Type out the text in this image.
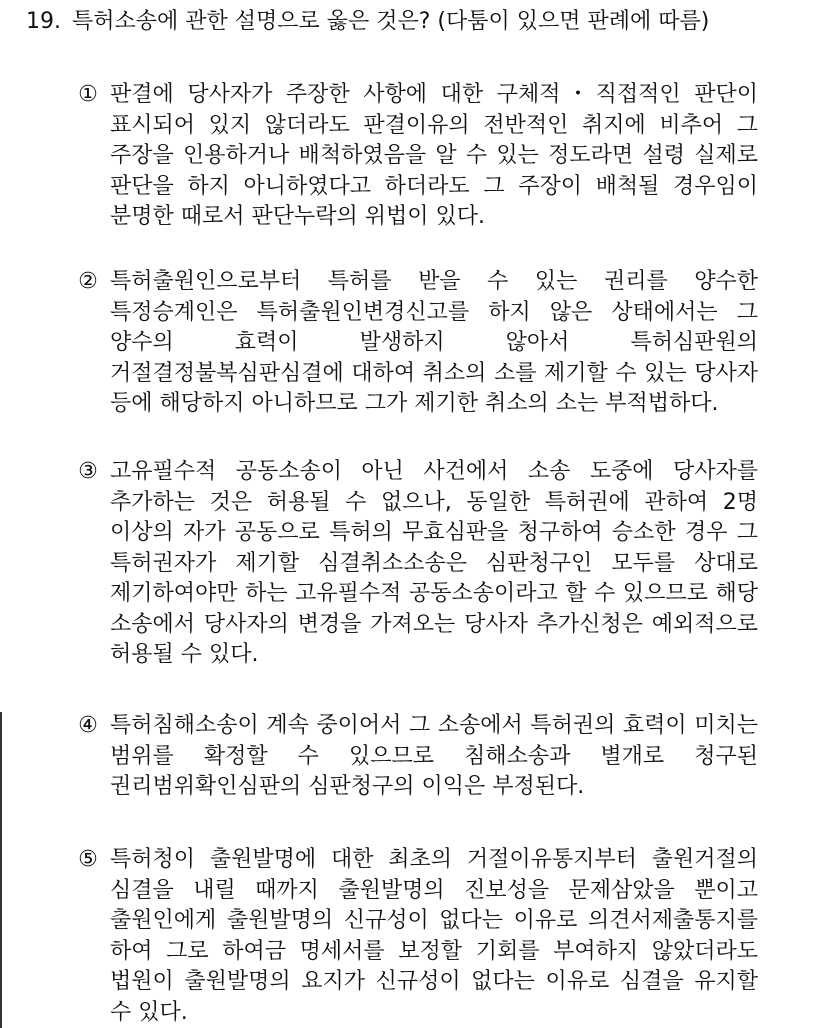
19. 특허소송에 관한 설명으로 옳은 것은? (다툼이 있으면 판례에 따름)
① 판결에 당사자가 주장한 사항에 대한 구체적・직접적인 판단이 표시되어 있지 않더라도 판결이유의 전반적인 취지에 비추어 그 주장을 인용하거나 배척하였음을 알 수 있는 정도라면 설령 실제로 판단을 하지 아니하였다고 하더라도 그 주장이 배척될 경우임이 분명한 때로서 판단누락의 위법이 있다.
② 특허출원인으로부터 특허를 받을 수 있는 권리를 양수한 특정승계인은 특허출원인변경신고를 하지 않은 상태에서는 그 양수의 효력이 발생하지 않아서 특허심판원의 거절결정불복심판심결에 대하여 취소의 소를 제기할 수 있는 당사자 등에 해당하지 아니하므로 그가 제기한 취소의 소는 부적법하다.
③ 고유필수적 공동소송이 아닌 사건에서 소송 도중에 당사자를 추가하는 것은 허용될 수 없으나, 동일한 특허권에 관하여 2명 이상의 자가 공동으로 특허의 무효심판을 청구하여 승소한 경우 그 특허권자가 제기할 심결취소소송은 심판청구인 모두를 상대로 제기하여야만 하는 고유필수적 공동소송이라고 할 수 있으므로 해당 소송에서 당사자의 변경을 가져오는 당사자 추가신청은 예외적으로 허용될 수 있다.
④ 특허침해소송이 계속 중이어서 그 소송에서 특허권의 효력이 미치는 범위를 확정할 수 있으므로 침해소송과 별개로 청구된 권리범위확인심판의 심판청구의 이익은 부정된다.
⑤ 특허청이 출원발명에 대한 최초의 거절이유통지부터 출원거절의 심결을 내릴 때까지 출원발명의 진보성을 문제삼았을 뿐이고 출원인에게 출원발명의 신규성이 없다는 이유로 의견서제출통지를 하여 그로 하여금 명세서를 보정할 기회를 부여하지 않았더라도 법원이 출원발명의 요지가 신규성이 없다는 이유로 심결을 유지할 수 있다.
